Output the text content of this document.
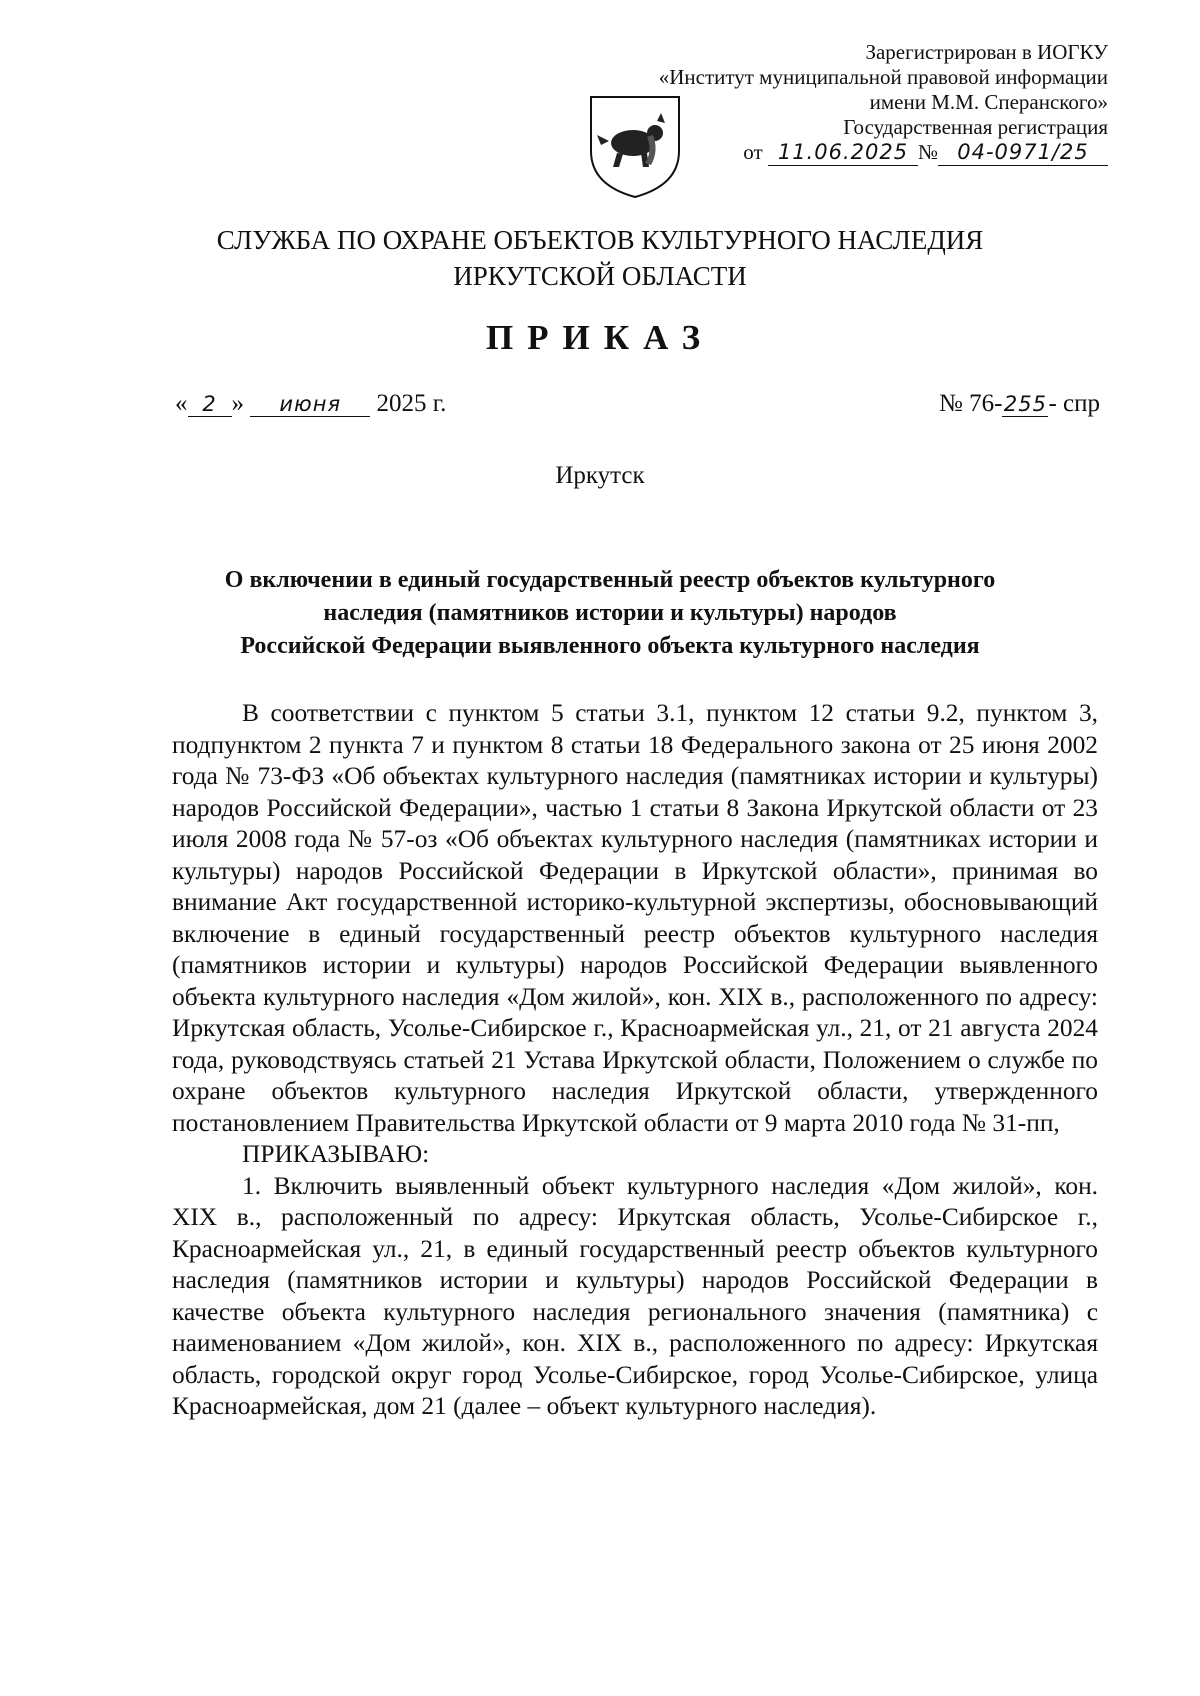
Зарегистрирован в ИОГКУ
«Институт муниципальной правовой информации
имени М.М. Сперанского»
Государственная регистрация
от 11.06.2025 № 04-0971/25
СЛУЖБА ПО ОХРАНЕ ОБЪЕКТОВ КУЛЬТУРНОГО НАСЛЕДИЯ
ИРКУТСКОЙ ОБЛАСТИ
ПРИКАЗ
« 2 » июня 2025 г.	№ 76-255- спр
Иркутск
О включении в единый государственный реестр объектов культурного
наследия (памятников истории и культуры) народов
Российской Федерации выявленного объекта культурного наследия

В соответствии с пунктом 5 статьи 3.1, пунктом 12 статьи 9.2, пунктом 3, подпунктом 2 пункта 7 и пунктом 8 статьи 18 Федерального закона от 25 июня 2002 года № 73-ФЗ «Об объектах культурного наследия (памятниках истории и культуры) народов Российской Федерации», частью 1 статьи 8 Закона Иркутской области от 23 июля 2008 года № 57-оз «Об объектах культурного наследия (памятниках истории и культуры) народов Российской Федерации в Иркутской области», принимая во внимание Акт государственной историко-культурной экспертизы, обосновывающий включение в единый государственный реестр объектов культурного наследия (памятников истории и культуры) народов Российской Федерации выявленного объекта культурного наследия «Дом жилой», кон. XIX в., расположенного по адресу: Иркутская область, Усолье-Сибирское г., Красноармейская ул., 21, от 21 августа 2024 года, руководствуясь статьей 21 Устава Иркутской области, Положением о службе по охране объектов культурного наследия Иркутской области, утвержденного постановлением Правительства Иркутской области от 9 марта 2010 года № 31-пп,

ПРИКАЗЫВАЮ:

1. Включить выявленный объект культурного наследия «Дом жилой», кон. XIX в., расположенный по адресу: Иркутская область, Усолье-Сибирское г., Красноармейская ул., 21, в единый государственный реестр объектов культурного наследия (памятников истории и культуры) народов Российской Федерации в качестве объекта культурного наследия регионального значения (памятника) с наименованием «Дом жилой», кон. XIX в., расположенного по адресу: Иркутская область, городской округ город Усолье-Сибирское, город Усолье-Сибирское, улица Красноармейская, дом 21 (далее – объект культурного наследия).
